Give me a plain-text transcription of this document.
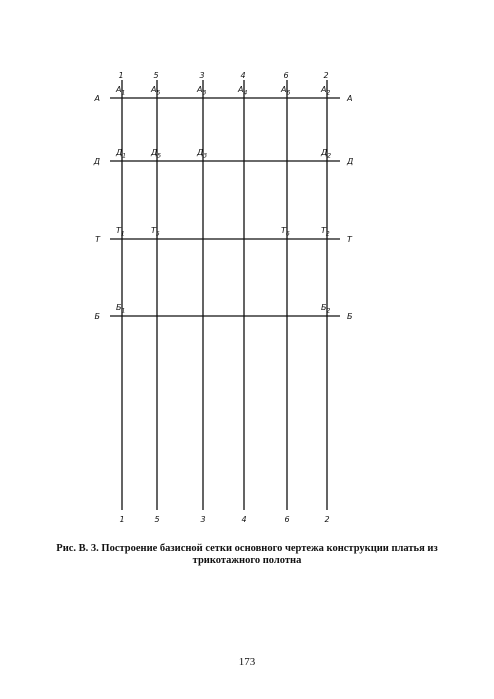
А	А
Д	Д
Т	Т
Б	Б
1
1
5
5
3
3
4
4
6
6
2
2
$А_1$	$А_5$	$А_3$	$А_4$	$А_6$	$А_2$
$Д_1$	$Д_5$	$Д_3$	$Д_2$
$Т_1$	$Т_5$	$Т_6$	$Т_2$
$Б_1$	$Б_2$

Рис. В. 3. Построение базисной сетки основного чертежа конструкции платья из

трикотажного полотна

173
